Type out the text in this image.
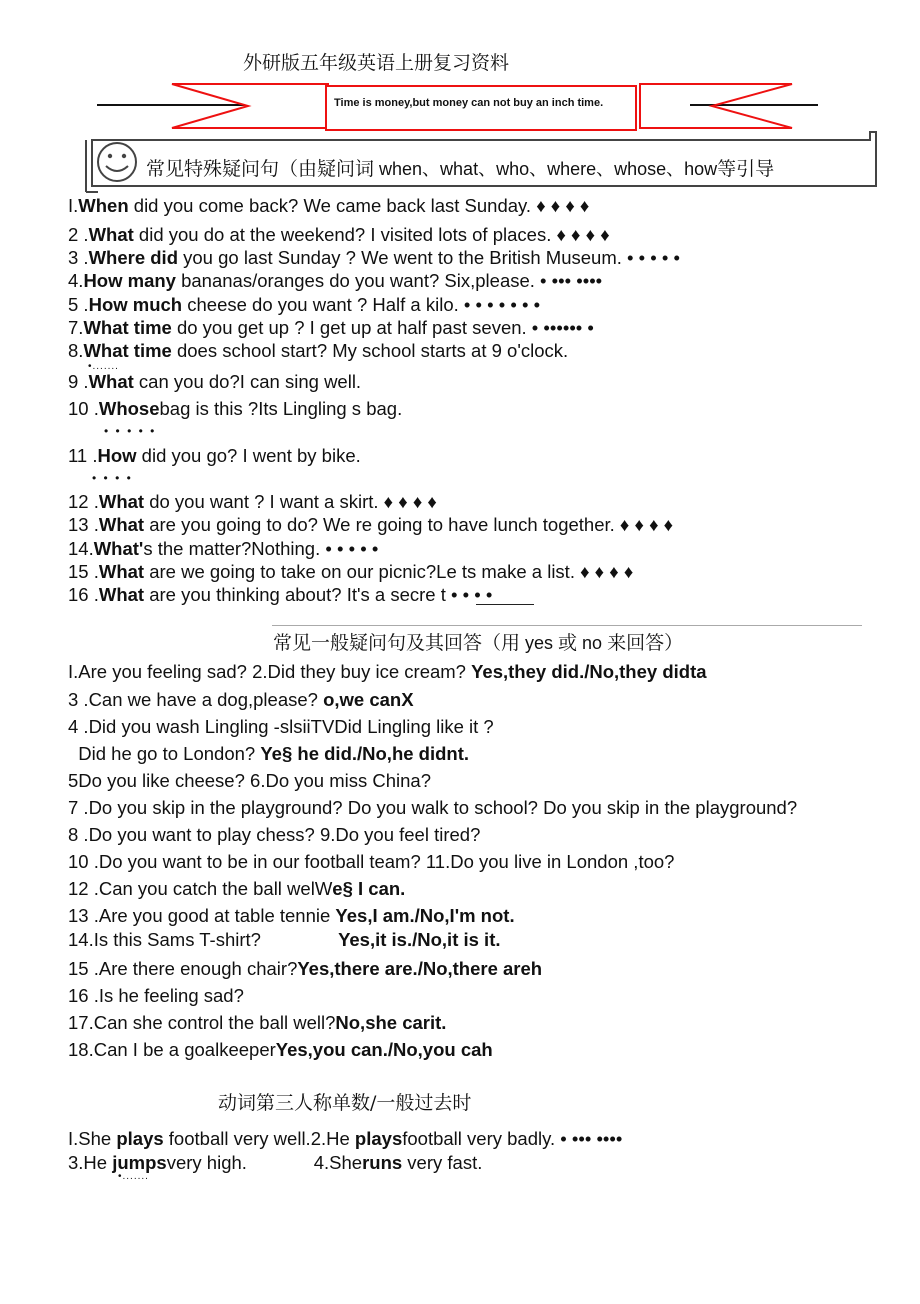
外研版五年级英语上册复习资料
Time is money,but money can not buy an inch time.
常见特殊疑问句（由疑问词 when、what、who、where、whose、how等引导
I.When did you come back? We came back last Sunday. ♦ ♦ ♦ ♦
2 .What did you do at the weekend? I visited lots of places. ♦ ♦ ♦ ♦
3 .Where did you go last Sunday ? We went to the British Museum. • • • • •
4.How many bananas/oranges do you want? Six,please. • ••• ••••
5 .How much cheese do you want ? Half a kilo. • • • • • • •
7.What time do you get up ? I get up at half past seven. • •••••• •
8.What time does school start? My school starts at 9 o'clock.
•.......
9 .What can you do?I can sing well.
10 .Whosebag is this ?Its Lingling s bag.
• • • • •
11 .How did you go? I went by bike.
• • • •
12 .What do you want ? I want a skirt. ♦ ♦ ♦ ♦
13 .What are you going to do? We re going to have lunch together. ♦ ♦ ♦ ♦
14.What's the matter?Nothing. • • • • •
15 .What are we going to take on our picnic?Le ts make a list. ♦ ♦ ♦ ♦
16 .What are you thinking about? It's a secre t • • • •
常见一般疑问句及其回答（用 yes 或 no 来回答）
I.Are you feeling sad? 2.Did they buy ice cream? Yes,they did./No,they didta
3 .Can we have a dog,please? o,we canX
4 .Did you wash Lingling -slsiiTVDid Lingling like it ?
Did he go to London? Ye§ he did./No,he didnt.
5Do you like cheese? 6.Do you miss China?
7 .Do you skip in the playground? Do you walk to school? Do you skip in the playground?
8 .Do you want to play chess? 9.Do you feel tired?
10 .Do you want to be in our football team? 11.Do you live in London ,too?
12 .Can you catch the ball welWe§ I can.
13 .Are you good at table tennie Yes,I am./No,I'm not.
14.Is this Sams T-shirt?               Yes,it is./No,it is it.
15 .Are there enough chair?Yes,there are./No,there areh
16 .Is he feeling sad?
17.Can she control the ball well?No,she carit.
18.Can I be a goalkeeperYes,you can./No,you cah
动词第三人称单数/一般过去时
I.She plays football very well.2.He playsfootball very badly. • ••• ••••
3.He jumpsvery high.             4.Sheruns very fast.
•.......
